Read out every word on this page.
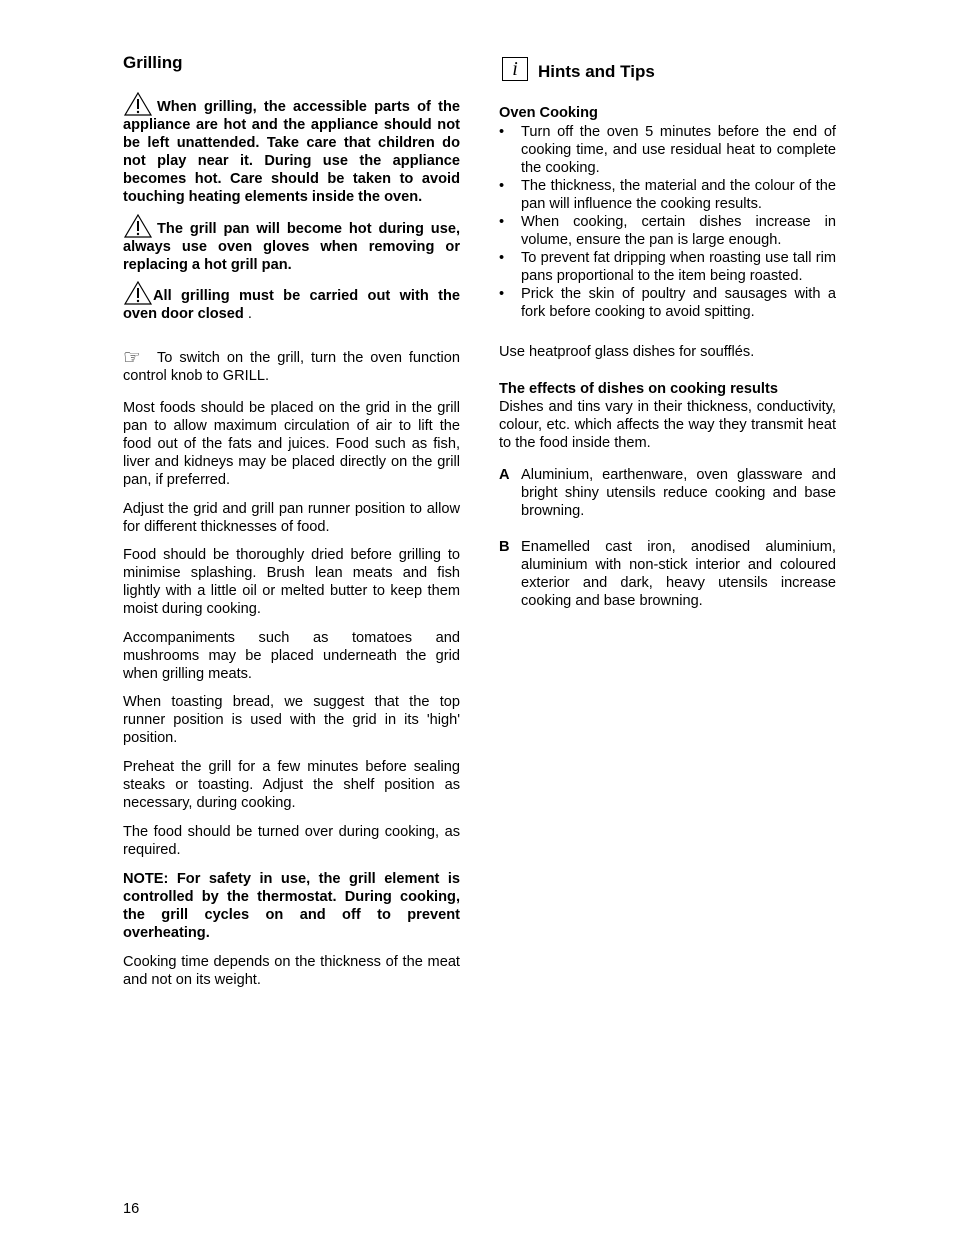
Grilling

When grilling, the accessible parts of the appliance are hot and the appliance should not be left unattended. Take care that children do not play near it. During use the appliance becomes hot. Care should be taken to avoid touching heating elements inside the oven.

The grill pan will become hot during use, always use oven gloves when removing or replacing a hot grill pan.

All grilling must be carried out with the oven door closed .

☞ To switch on the grill, turn the oven function control knob to GRILL.

Most foods should be placed on the grid in the grill pan to allow maximum circulation of air to lift the food out of the fats and juices. Food such as fish, liver and kidneys may be placed directly on the grill pan, if preferred.

Adjust the grid and grill pan runner position to allow for different thicknesses of food.

Food should be thoroughly dried before grilling to minimise splashing. Brush lean meats and fish lightly with a little oil or melted butter to keep them moist during cooking.

Accompaniments such as tomatoes and mushrooms may be placed underneath the grid when grilling meats.

When toasting bread, we suggest that the top runner position is used with the grid in its 'high' position.

Preheat the grill for a few minutes before sealing steaks or toasting. Adjust the shelf position as necessary, during cooking.

The food should be turned over during cooking, as required.

NOTE: For safety in use, the grill element is controlled by the thermostat. During cooking, the grill cycles on and off to prevent overheating.

Cooking time depends on the thickness of the meat and not on its weight.

i Hints and Tips

Oven Cooking

• Turn off the oven 5 minutes before the end of cooking time, and use residual heat to complete the cooking.
• The thickness, the material and the colour of the pan will influence the cooking results.
• When cooking, certain dishes increase in volume, ensure the pan is large enough.
• To prevent fat dripping when roasting use tall rim pans proportional to the item being roasted.
• Prick the skin of poultry and sausages with a fork before cooking to avoid spitting.

Use heatproof glass dishes for soufflés.

The effects of dishes on cooking results

Dishes and tins vary in their thickness, conductivity, colour, etc. which affects the way they transmit heat to the food inside them.

A Aluminium, earthenware, oven glassware and bright shiny utensils reduce cooking and base browning.
B Enamelled cast iron, anodised aluminium, aluminium with non-stick interior and coloured exterior and dark, heavy utensils increase cooking and base browning.
16
